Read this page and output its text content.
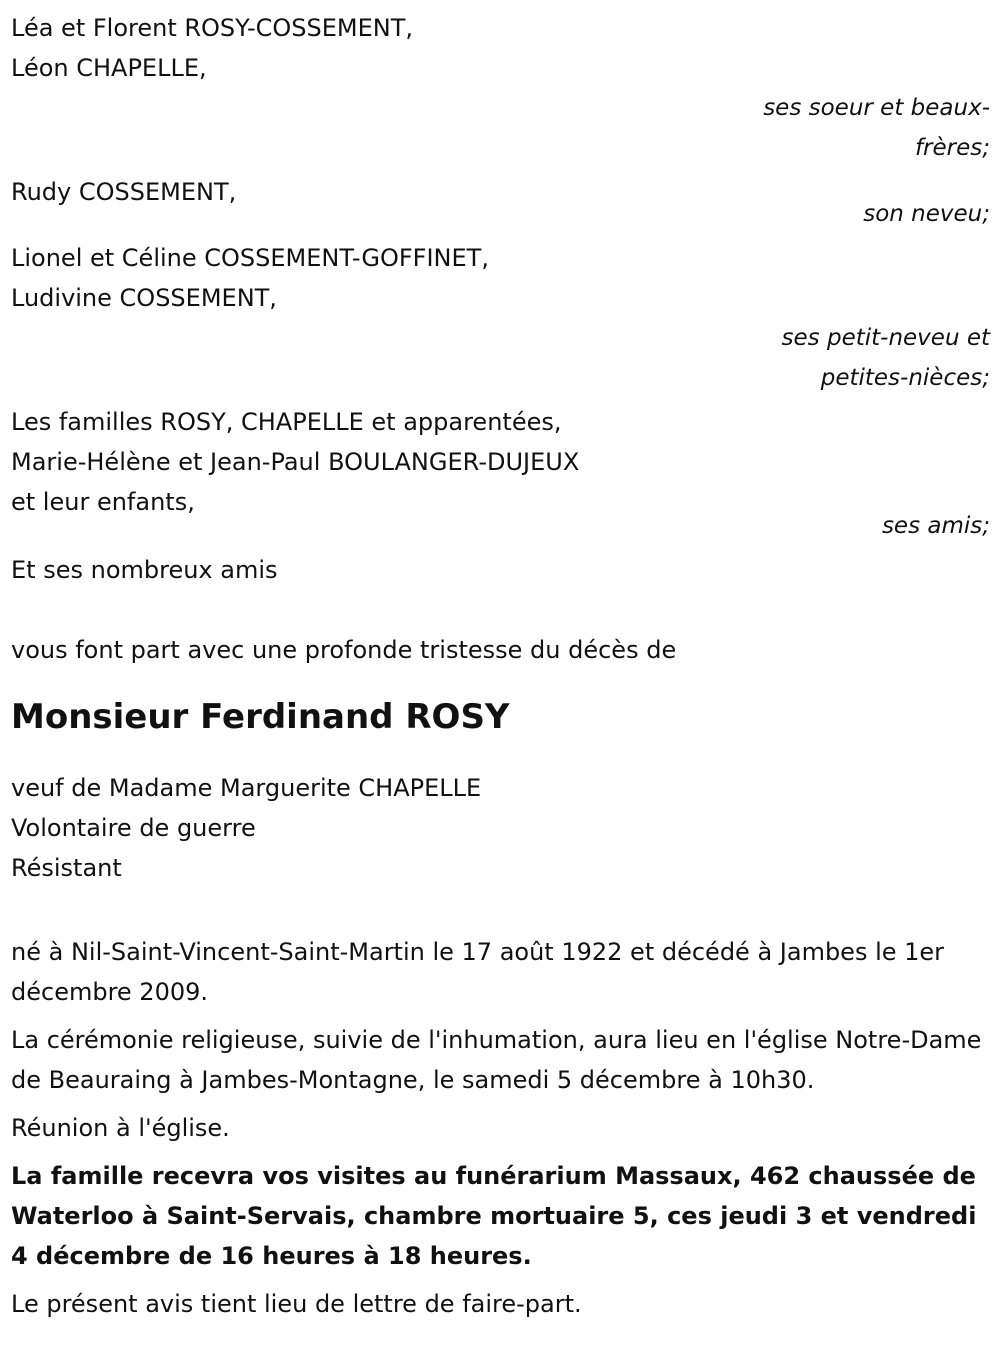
Léa et Florent ROSY-COSSEMENT,
Léon CHAPELLE,
ses soeur et beaux-frères;
Rudy COSSEMENT,
son neveu;
Lionel et Céline COSSEMENT-GOFFINET,
Ludivine COSSEMENT,
ses petit-neveu et petites-nièces;
Les familles ROSY, CHAPELLE et apparentées,
Marie-Hélène et Jean-Paul BOULANGER-DUJEUX
et leur enfants,
ses amis;
Et ses nombreux amis
vous font part avec une profonde tristesse du décès de
Monsieur Ferdinand ROSY
veuf de Madame Marguerite CHAPELLE
Volontaire de guerre
Résistant

né à Nil-Saint-Vincent-Saint-Martin le 17 août 1922 et décédé à Jambes le 1er décembre 2009.

La cérémonie religieuse, suivie de l'inhumation, aura lieu en l'église Notre-Dame de Beauraing à Jambes-Montagne, le samedi 5 décembre à 10h30.

Réunion à l'église.

La famille recevra vos visites au funérarium Massaux, 462 chaussée de Waterloo à Saint-Servais, chambre mortuaire 5, ces jeudi 3 et vendredi 4 décembre de 16 heures à 18 heures.

Le présent avis tient lieu de lettre de faire-part.
